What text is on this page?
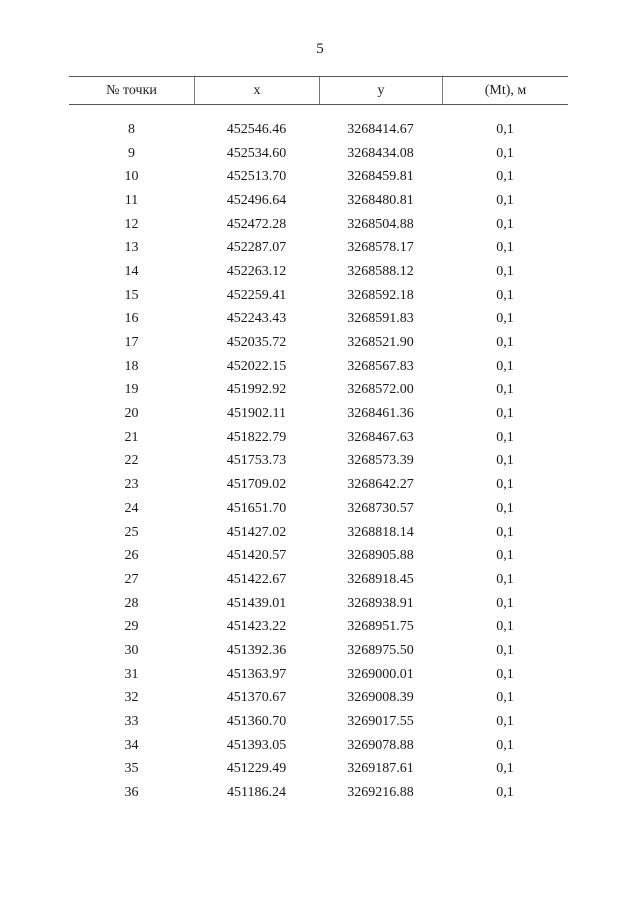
5
№ точки	x	y	(Mt), м
8	452546.46	3268414.67	0,1
9	452534.60	3268434.08	0,1
10	452513.70	3268459.81	0,1
11	452496.64	3268480.81	0,1
12	452472.28	3268504.88	0,1
13	452287.07	3268578.17	0,1
14	452263.12	3268588.12	0,1
15	452259.41	3268592.18	0,1
16	452243.43	3268591.83	0,1
17	452035.72	3268521.90	0,1
18	452022.15	3268567.83	0,1
19	451992.92	3268572.00	0,1
20	451902.11	3268461.36	0,1
21	451822.79	3268467.63	0,1
22	451753.73	3268573.39	0,1
23	451709.02	3268642.27	0,1
24	451651.70	3268730.57	0,1
25	451427.02	3268818.14	0,1
26	451420.57	3268905.88	0,1
27	451422.67	3268918.45	0,1
28	451439.01	3268938.91	0,1
29	451423.22	3268951.75	0,1
30	451392.36	3268975.50	0,1
31	451363.97	3269000.01	0,1
32	451370.67	3269008.39	0,1
33	451360.70	3269017.55	0,1
34	451393.05	3269078.88	0,1
35	451229.49	3269187.61	0,1
36	451186.24	3269216.88	0,1
